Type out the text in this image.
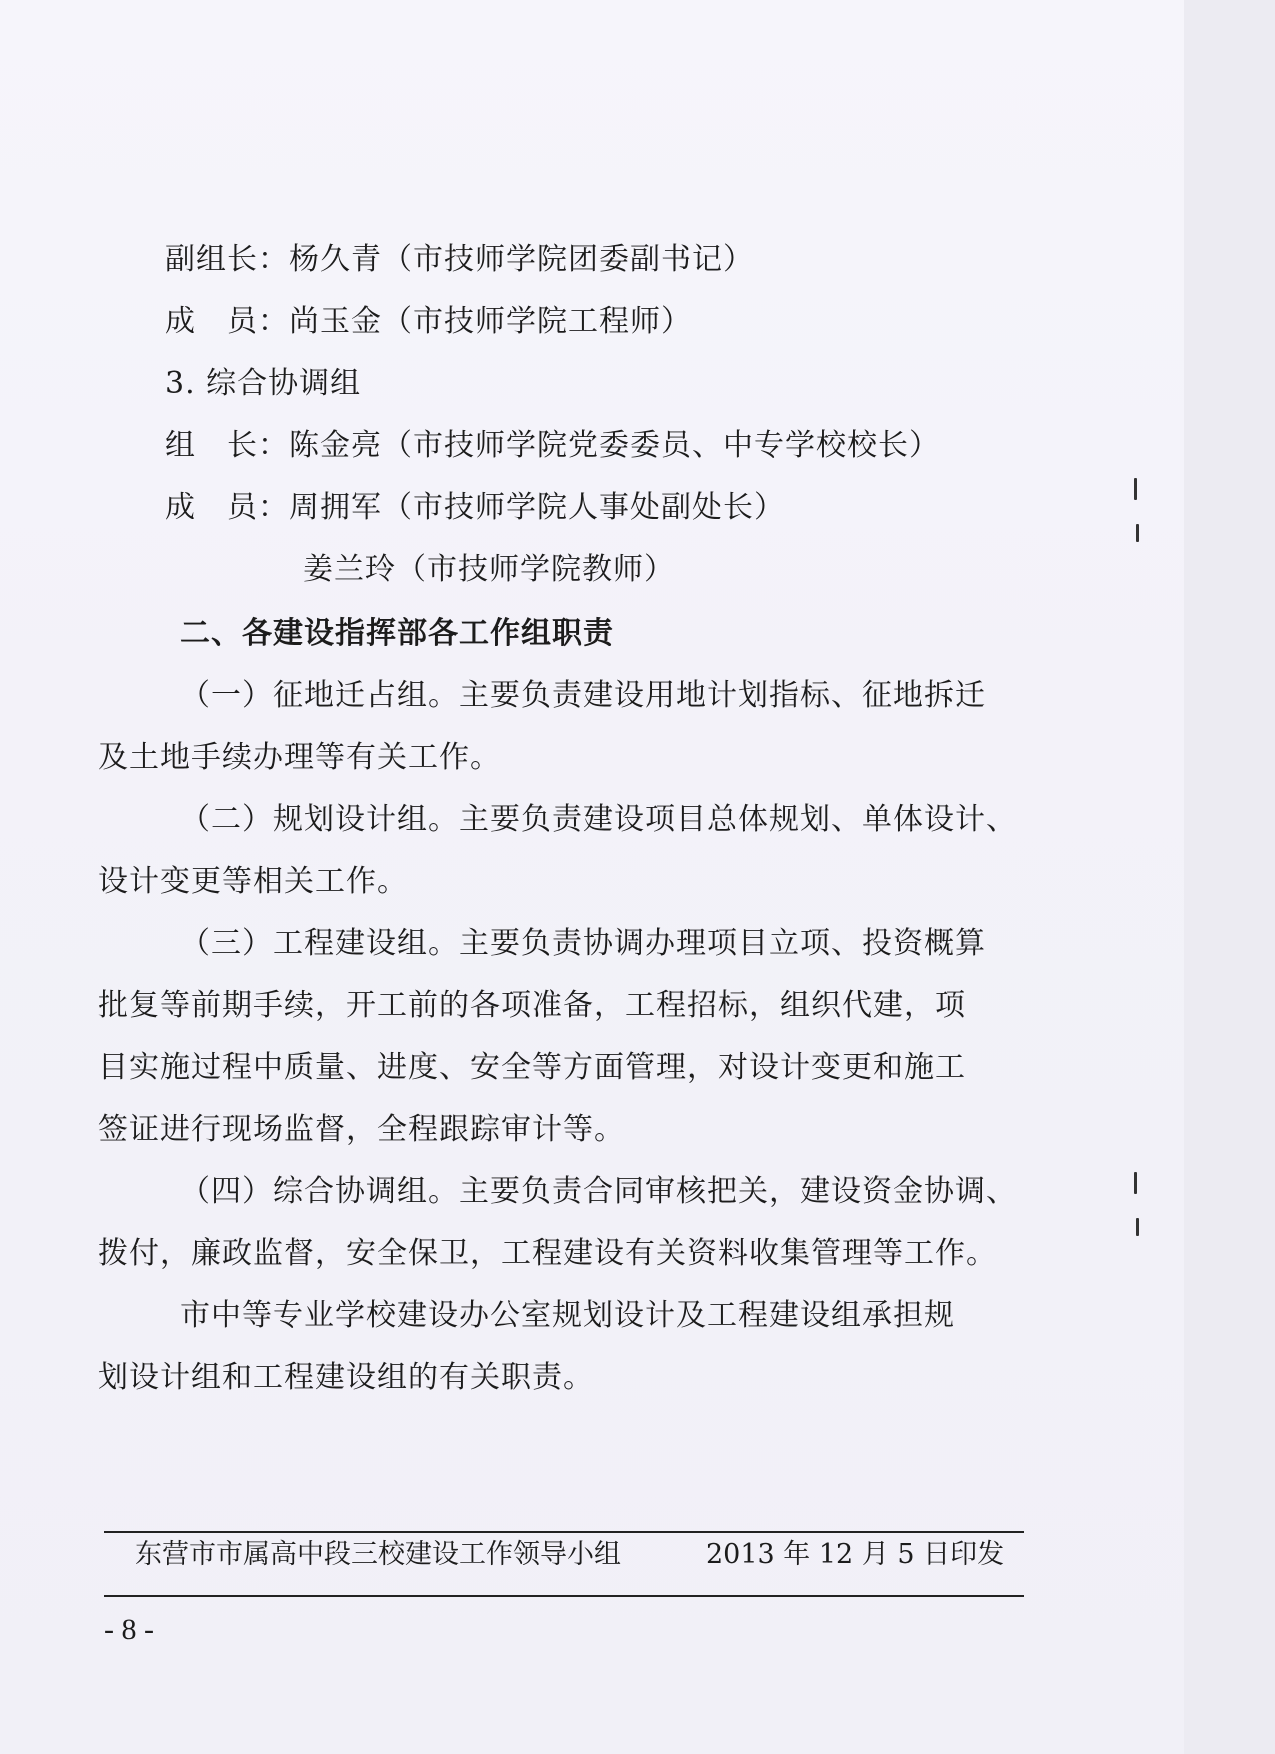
副组长：杨久青（市技师学院团委副书记）
成　员：尚玉金（市技师学院工程师）
3. 综合协调组
组　长：陈金亮（市技师学院党委委员、中专学校校长）
成　员：周拥军（市技师学院人事处副处长）
姜兰玲（市技师学院教师）
二、各建设指挥部各工作组职责
（一）征地迁占组。主要负责建设用地计划指标、征地拆迁
及土地手续办理等有关工作。
（二）规划设计组。主要负责建设项目总体规划、单体设计、
设计变更等相关工作。
（三）工程建设组。主要负责协调办理项目立项、投资概算
批复等前期手续，开工前的各项准备，工程招标，组织代建，项
目实施过程中质量、进度、安全等方面管理，对设计变更和施工
签证进行现场监督，全程跟踪审计等。
（四）综合协调组。主要负责合同审核把关，建设资金协调、
拨付，廉政监督，安全保卫，工程建设有关资料收集管理等工作。
市中等专业学校建设办公室规划设计及工程建设组承担规
划设计组和工程建设组的有关职责。
东营市市属高中段三校建设工作领导小组	2013 年 12 月 5 日印发
- 8 -
